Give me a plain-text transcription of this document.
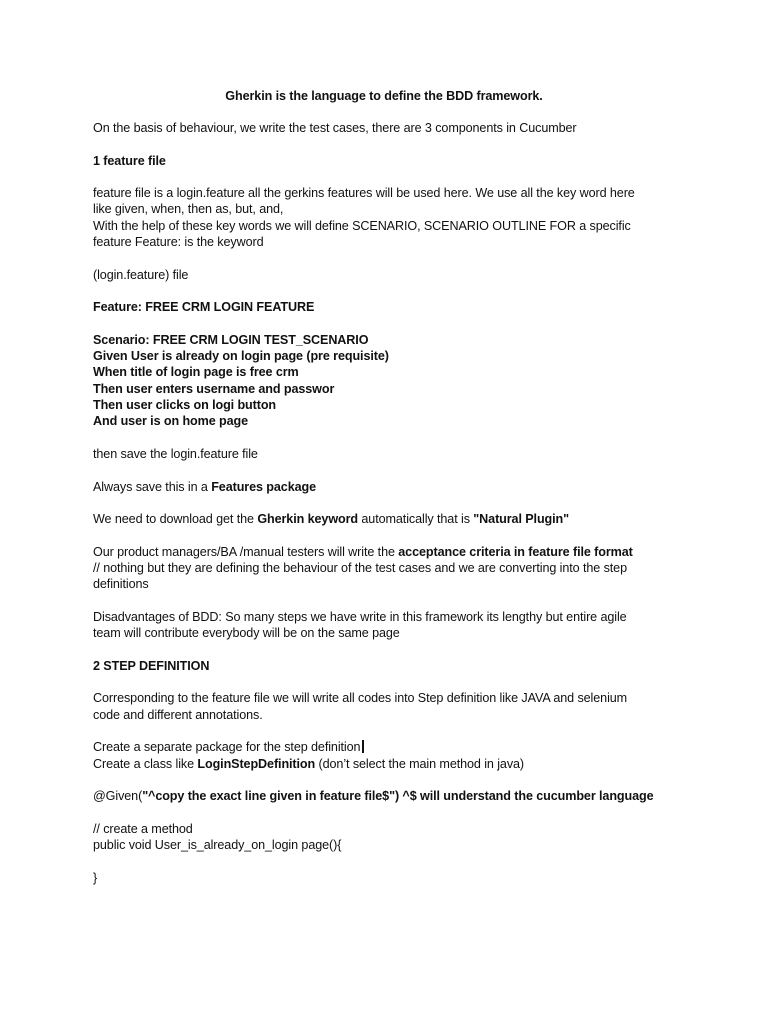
Gherkin is the language to define the BDD framework.
On the basis of behaviour, we write the test cases, there are 3 components in Cucumber
1 feature file
feature file is a login.feature all the gerkins features will be used here. We use all the key word here
like given, when, then as, but, and,
With the help of these key words we will define SCENARIO, SCENARIO OUTLINE FOR a specific
feature Feature: is the keyword
(login.feature) file
Feature: FREE CRM LOGIN FEATURE
Scenario: FREE CRM LOGIN TEST_SCENARIO
Given User is already on login page (pre requisite)
When title of login page is free crm
Then user enters username and passwor
Then user clicks on logi button
And user is on home page
then save the login.feature file
Always save this in a Features package
We need to download get the Gherkin keyword automatically that is "Natural Plugin"
Our product managers/BA /manual testers will write the acceptance criteria in feature file format
// nothing but they are defining the behaviour of the test cases and we are converting into the step
definitions
Disadvantages of BDD: So many steps we have write in this framework its lengthy but entire agile
team will contribute everybody will be on the same page
2 STEP DEFINITION
Corresponding to the feature file we will write all codes into Step definition like JAVA and selenium
code and different annotations.
Create a separate package for the step definition
Create a class like LoginStepDefinition (don’t select the main method in java)
@Given("^copy the exact line given in feature file$") ^$ will understand the cucumber language
// create a method
public void User_is_already_on_login page(){
}
